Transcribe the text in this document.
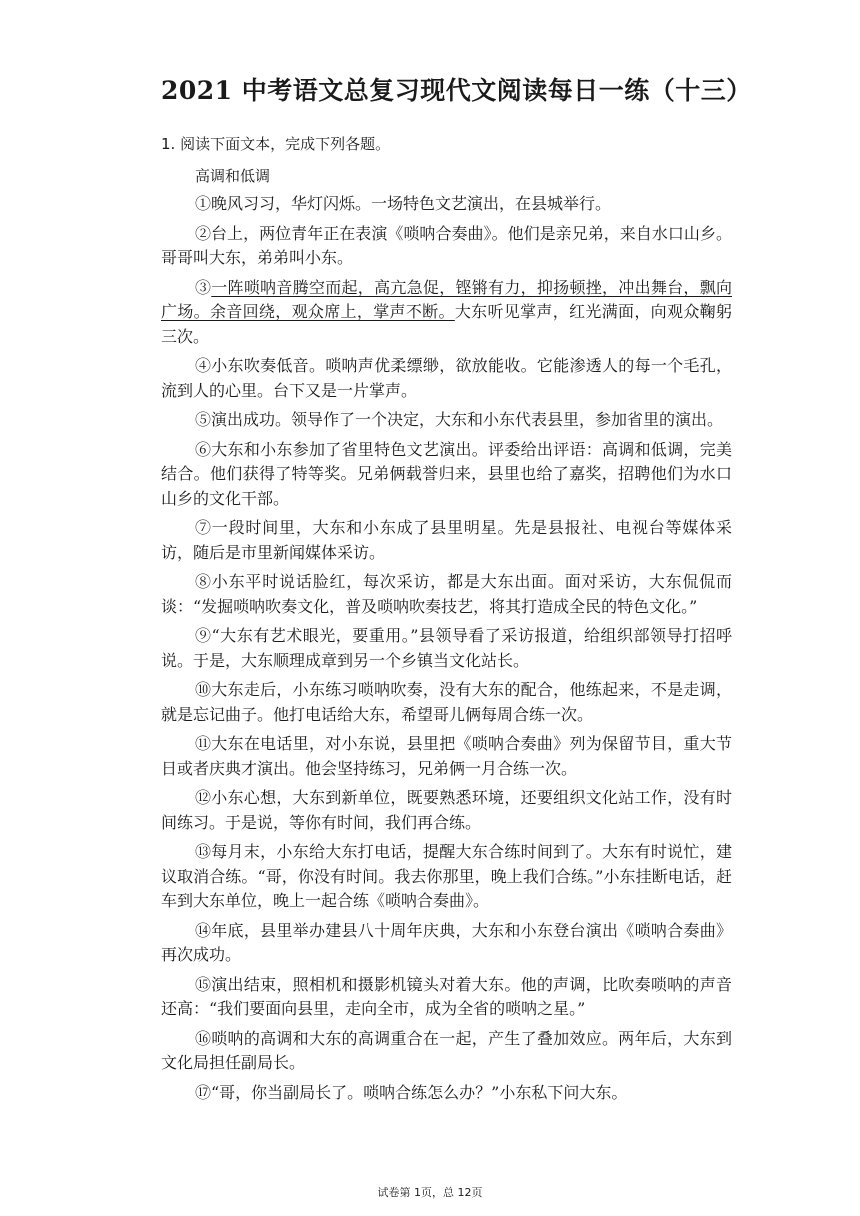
2021 中考语文总复习现代文阅读每日一练（十三）
1. 阅读下面文本，完成下列各题。
高调和低调

①晚风习习，华灯闪烁。一场特色文艺演出，在县城举行。

②台上，两位青年正在表演《唢呐合奏曲》。他们是亲兄弟，来自水口山乡。哥哥叫大东，弟弟叫小东。

③一阵唢呐音腾空而起，高亢急促，铿锵有力，抑扬顿挫，冲出舞台，飘向广场。余音回绕，观众席上，掌声不断。大东听见掌声，红光满面，向观众鞠躬三次。

④小东吹奏低音。唢呐声优柔缥缈，欲放能收。它能渗透人的每一个毛孔，流到人的心里。台下又是一片掌声。

⑤演出成功。领导作了一个决定，大东和小东代表县里，参加省里的演出。

⑥大东和小东参加了省里特色文艺演出。评委给出评语：高调和低调，完美结合。他们获得了特等奖。兄弟俩载誉归来，县里也给了嘉奖，招聘他们为水口山乡的文化干部。

⑦一段时间里，大东和小东成了县里明星。先是县报社、电视台等媒体采访，随后是市里新闻媒体采访。

⑧小东平时说话脸红，每次采访，都是大东出面。面对采访，大东侃侃而谈：“发掘唢呐吹奏文化，普及唢呐吹奏技艺，将其打造成全民的特色文化。”

⑨“大东有艺术眼光，要重用。”县领导看了采访报道，给组织部领导打招呼说。于是，大东顺理成章到另一个乡镇当文化站长。

⑩大东走后，小东练习唢呐吹奏，没有大东的配合，他练起来，不是走调，就是忘记曲子。他打电话给大东，希望哥儿俩每周合练一次。

⑪大东在电话里，对小东说，县里把《唢呐合奏曲》列为保留节目，重大节日或者庆典才演出。他会坚持练习，兄弟俩一月合练一次。

⑫小东心想，大东到新单位，既要熟悉环境，还要组织文化站工作，没有时间练习。于是说，等你有时间，我们再合练。

⑬每月末，小东给大东打电话，提醒大东合练时间到了。大东有时说忙，建议取消合练。“哥，你没有时间。我去你那里，晚上我们合练。”小东挂断电话，赶车到大东单位，晚上一起合练《唢呐合奏曲》。

⑭年底，县里举办建县八十周年庆典，大东和小东登台演出《唢呐合奏曲》再次成功。

⑮演出结束，照相机和摄影机镜头对着大东。他的声调，比吹奏唢呐的声音还高：“我们要面向县里，走向全市，成为全省的唢呐之星。”

⑯唢呐的高调和大东的高调重合在一起，产生了叠加效应。两年后，大东到文化局担任副局长。

⑰“哥，你当副局长了。唢呐合练怎么办？”小东私下问大东。

试卷第 1页，总 12页
